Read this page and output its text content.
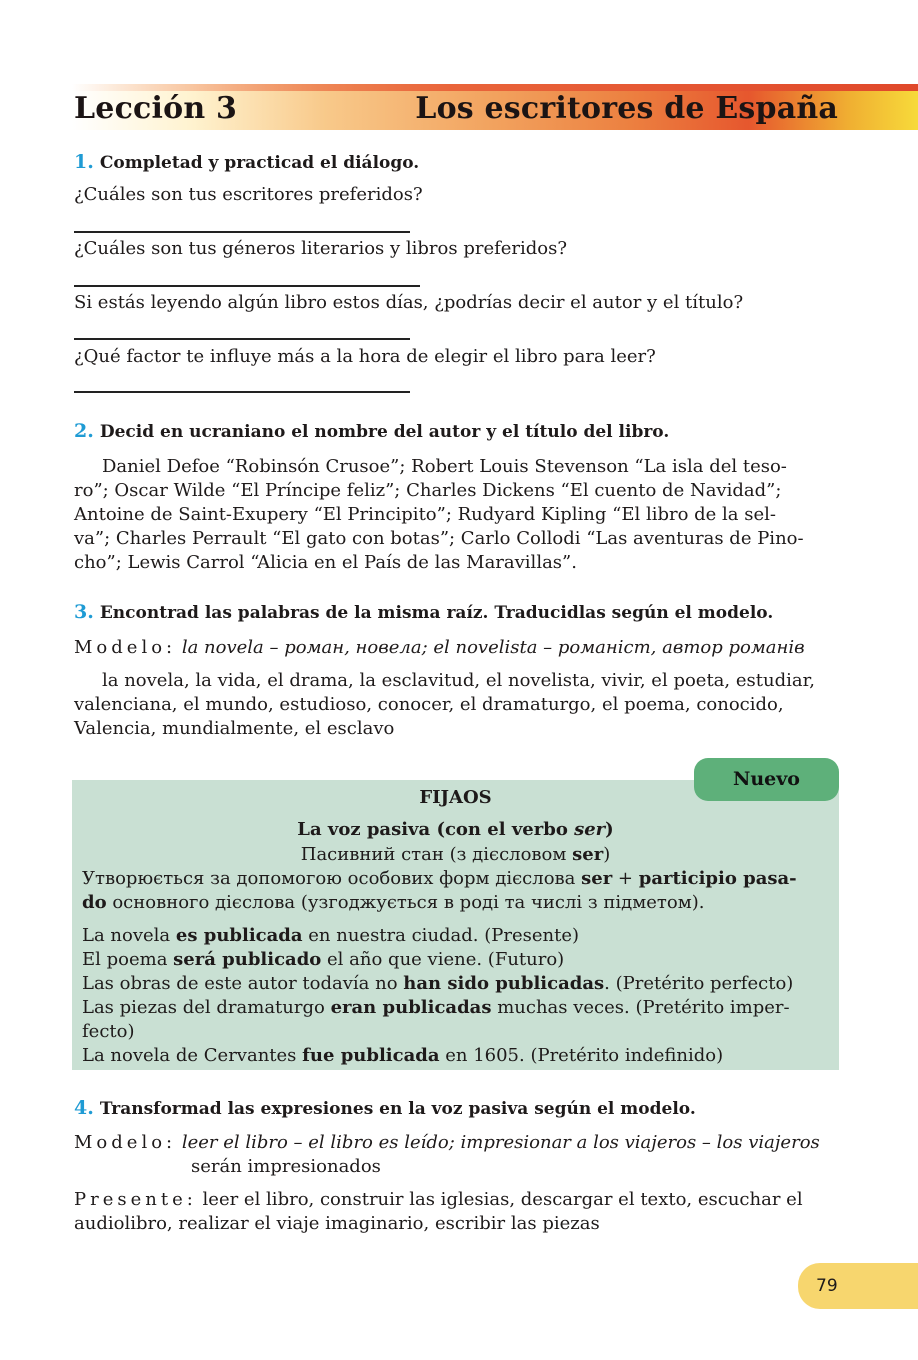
Lección 3	Los escritores de España
1. Completad y practicad el diálogo.
¿Cuáles son tus escritores preferidos?
¿Cuáles son tus géneros literarios y libros preferidos?
Si estás leyendo algún libro estos días, ¿podrías decir el autor y el título?
¿Qué factor te influye más a la hora de elegir el libro para leer?
2. Decid en ucraniano el nombre del autor y el título del libro.
Daniel Defoe “Robinsón Crusoe”; Robert Louis Stevenson “La isla del teso-
ro”; Oscar Wilde “El Príncipe feliz”; Charles Dickens “El cuento de Navidad”;
Antoine de Saint-Exupery “El Principito”; Rudyard Kipling “El libro de la sel-
va”; Charles Perrault “El gato con botas”; Carlo Collodi “Las aventuras de Pino-
cho”; Lewis Carrol “Alicia en el País de las Maravillas”.
3. Encontrad las palabras de la misma raíz. Traducidlas según el modelo.
Modelo: la novela – роман, новела; el novelista – романіст, автор романів
la novela, la vida, el drama, la esclavitud, el novelista, vivir, el poeta, estudiar,
valenciana, el mundo, estudioso, conocer, el dramaturgo, el poema, conocido,
Valencia, mundialmente, el esclavo
Nuevo
FIJAOS
La voz pasiva (con el verbo ser)
Пасивний стан (з дієсловом ser)
Утворюється за допомогою особових форм дієслова ser + participio pasa-
do основного дієслова (узгоджується в роді та числі з підметом).
La novela es publicada en nuestra ciudad. (Presente)
El poema será publicado el año que viene. (Futuro)
Las obras de este autor todavía no han sido publicadas. (Pretérito perfecto)
Las piezas del dramaturgo eran publicadas muchas veces. (Pretérito imper-
fecto)
La novela de Cervantes fue publicada en 1605. (Pretérito indefinido)
4. Transformad las expresiones en la voz pasiva según el modelo.
Modelo: leer el libro – el libro es leído; impresionar a los viajeros – los viajeros
serán impresionados
Presente: leer el libro, construir las iglesias, descargar el texto, escuchar el
audiolibro, realizar el viaje imaginario, escribir las piezas
79
